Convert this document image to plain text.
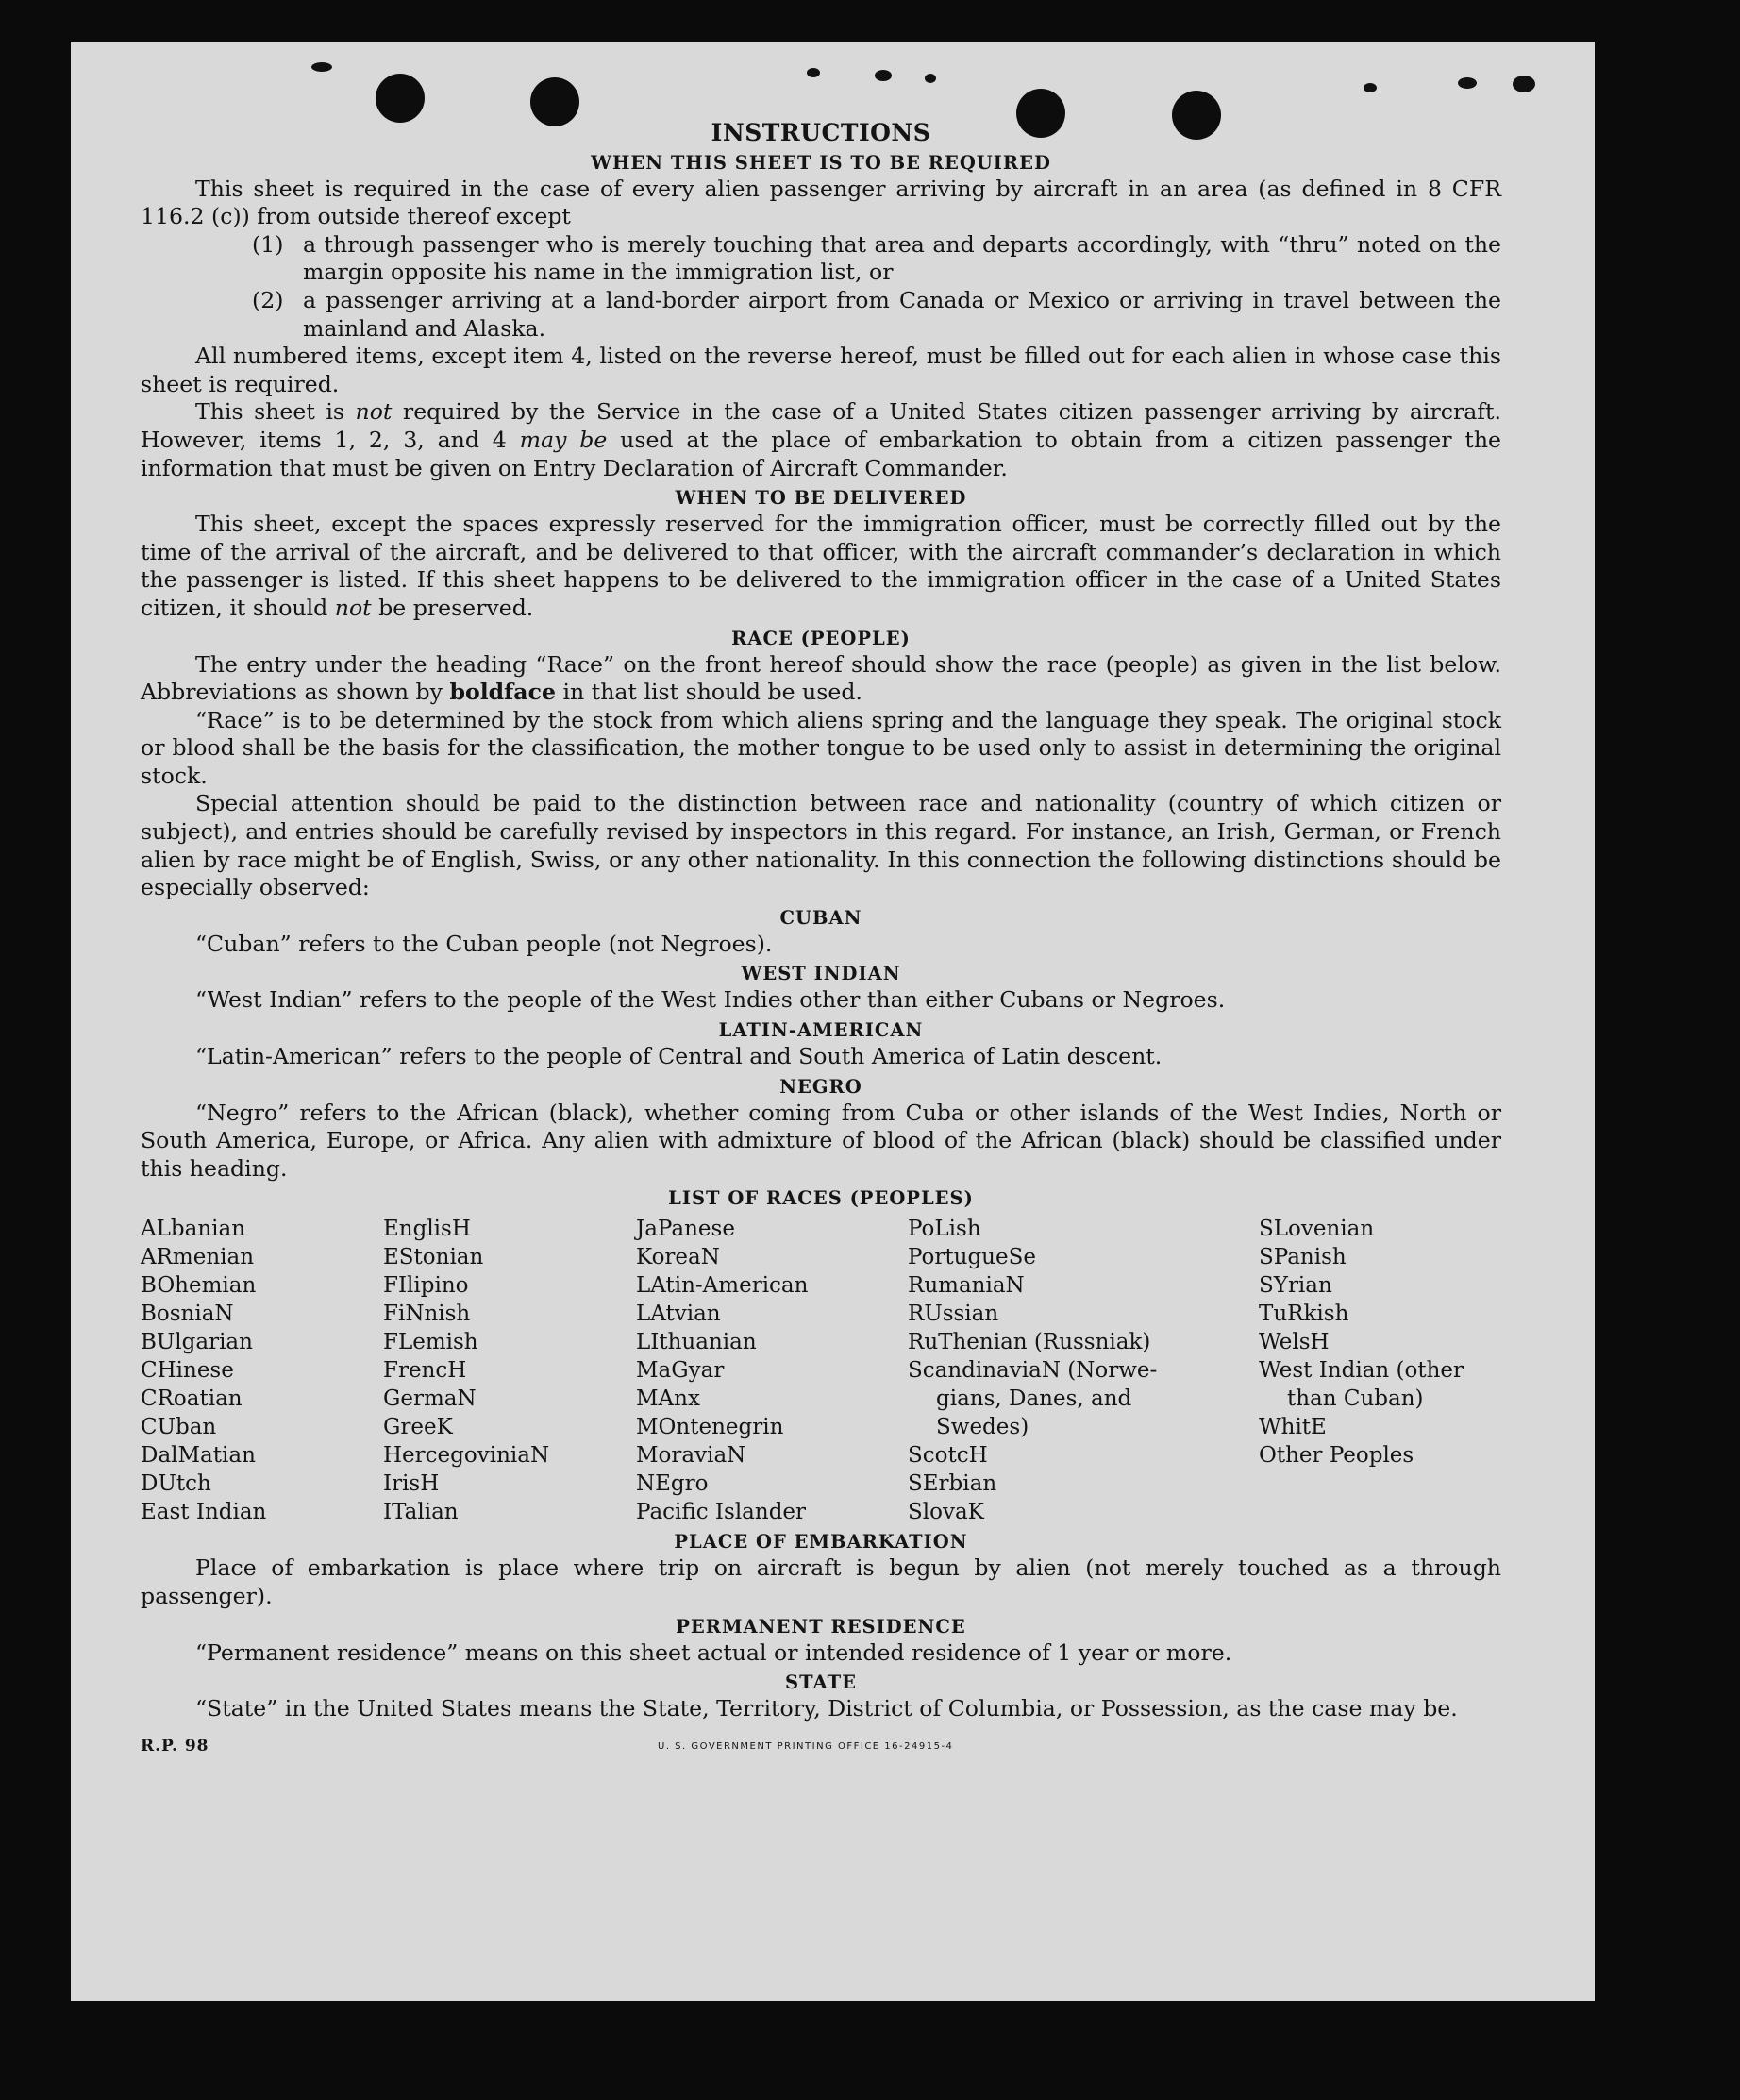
INSTRUCTIONS
WHEN THIS SHEET IS TO BE REQUIRED

This sheet is required in the case of every alien passenger arriving by aircraft in an area (as defined in 8 CFR 116.2 (c)) from outside thereof except

(1) a through passenger who is merely touching that area and departs accordingly, with “thru” noted on the margin opposite his name in the immigration list, or
(2) a passenger arriving at a land-border airport from Canada or Mexico or arriving in travel between the mainland and Alaska.

All numbered items, except item 4, listed on the reverse hereof, must be filled out for each alien in whose case this sheet is required.

This sheet is not required by the Service in the case of a United States citizen passenger arriving by aircraft. However, items 1, 2, 3, and 4 may be used at the place of embarkation to obtain from a citizen passenger the information that must be given on Entry Declaration of Aircraft Commander.

WHEN TO BE DELIVERED

This sheet, except the spaces expressly reserved for the immigration officer, must be correctly filled out by the time of the arrival of the aircraft, and be delivered to that officer, with the aircraft commander’s declaration in which the passenger is listed. If this sheet happens to be delivered to the immigration officer in the case of a United States citizen, it should not be preserved.

RACE (PEOPLE)

The entry under the heading “Race” on the front hereof should show the race (people) as given in the list below. Abbreviations as shown by boldface in that list should be used.

“Race” is to be determined by the stock from which aliens spring and the language they speak. The original stock or blood shall be the basis for the classification, the mother tongue to be used only to assist in determining the original stock.

Special attention should be paid to the distinction between race and nationality (country of which citizen or subject), and entries should be carefully revised by inspectors in this regard. For instance, an Irish, German, or French alien by race might be of English, Swiss, or any other nationality. In this connection the following distinctions should be especially observed:

CUBAN

“Cuban” refers to the Cuban people (not Negroes).

WEST INDIAN

“West Indian” refers to the people of the West Indies other than either Cubans or Negroes.

LATIN-AMERICAN

“Latin-American” refers to the people of Central and South America of Latin descent.

NEGRO

“Negro” refers to the African (black), whether coming from Cuba or other islands of the West Indies, North or South America, Europe, or Africa. Any alien with admixture of blood of the African (black) should be classified under this heading.

LIST OF RACES (PEOPLES)
ALbanian
ARmenian
BOhemian
BosniaN
BUlgarian
CHinese
CRoatian
CUban
DalMatian
DUtch
East Indian
EnglisH
EStonian
FIlipino
FiNnish
FLemish
FrencH
GermaN
GreeK
HercegoviniaN
IrisH
ITalian
JaPanese
KoreaN
LAtin-American
LAtvian
LIthuanian
MaGyar
MAnx
MOntenegrin
MoraviaN
NEgro
Pacific Islander
PoLish
PortugueSe
RumaniaN
RUssian
RuThenian (Russniak)
ScandinaviaN (Norwe-
gians, Danes, and
Swedes)
ScotcH
SErbian
SlovaK
SLovenian
SPanish
SYrian
TuRkish
WelsH
West Indian (other
than Cuban)
WhitE
Other Peoples
PLACE OF EMBARKATION

Place of embarkation is place where trip on aircraft is begun by alien (not merely touched as a through passenger).

PERMANENT RESIDENCE

“Permanent residence” means on this sheet actual or intended residence of 1 year or more.

STATE

“State” in the United States means the State, Territory, District of Columbia, or Possession, as the case may be.

R.P. 98	U. S. GOVERNMENT PRINTING OFFICE 16-24915-4
